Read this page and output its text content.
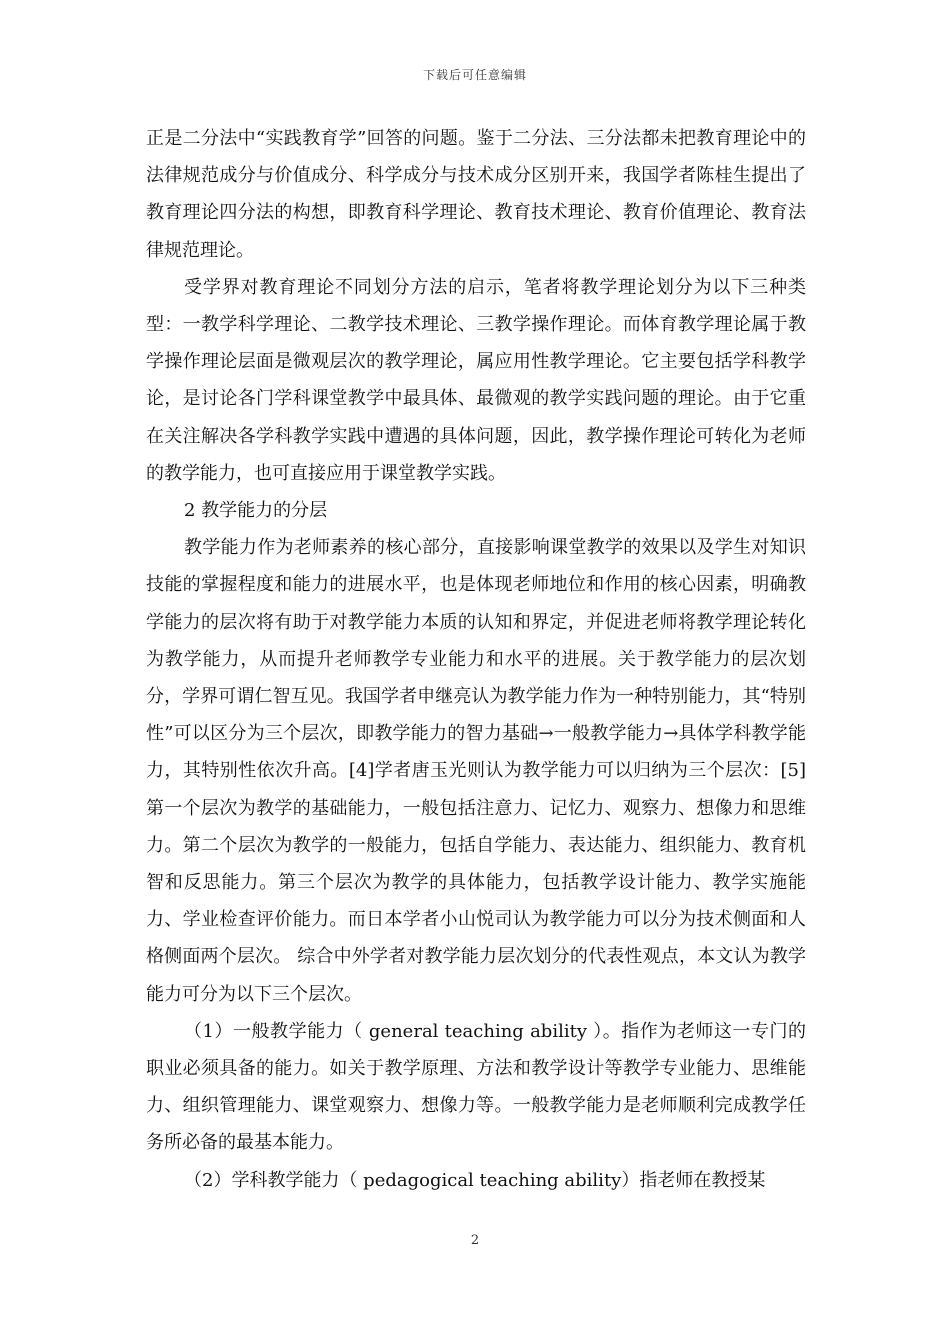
下载后可任意编辑

正是二分法中“实践教育学”回答的问题。鉴于二分法、三分法都未把教育理论中的法律规范成分与价值成分、科学成分与技术成分区别开来，我国学者陈桂生提出了教育理论四分法的构想，即教育科学理论、教育技术理论、教育价值理论、教育法律规范理论。

受学界对教育理论不同划分方法的启示，笔者将教学理论划分为以下三种类型：一教学科学理论、二教学技术理论、三教学操作理论。而体育教学理论属于教学操作理论层面是微观层次的教学理论，属应用性教学理论。它主要包括学科教学论，是讨论各门学科课堂教学中最具体、最微观的教学实践问题的理论。由于它重在关注解决各学科教学实践中遭遇的具体问题，因此，教学操作理论可转化为老师的教学能力，也可直接应用于课堂教学实践。

2 教学能力的分层

教学能力作为老师素养的核心部分，直接影响课堂教学的效果以及学生对知识技能的掌握程度和能力的进展水平，也是体现老师地位和作用的核心因素，明确教学能力的层次将有助于对教学能力本质的认知和界定，并促进老师将教学理论转化为教学能力，从而提升老师教学专业能力和水平的进展。关于教学能力的层次划分，学界可谓仁智互见。我国学者申继亮认为教学能力作为一种特别能力，其“特别性”可以区分为三个层次，即教学能力的智力基础→一般教学能力→具体学科教学能力，其特别性依次升高。[4]学者唐玉光则认为教学能力可以归纳为三个层次：[5]第一个层次为教学的基础能力，一般包括注意力、记忆力、观察力、想像力和思维力。第二个层次为教学的一般能力，包括自学能力、表达能力、组织能力、教育机智和反思能力。第三个层次为教学的具体能力，包括教学设计能力、教学实施能力、学业检查评价能力。而日本学者小山悦司认为教学能力可以分为技术侧面和人格侧面两个层次。 综合中外学者对教学能力层次划分的代表性观点，本文认为教学能力可分为以下三个层次。

（1）一般教学能力（ general teaching ability ）。指作为老师这一专门的职业必须具备的能力。如关于教学原理、方法和教学设计等教学专业能力、思维能力、组织管理能力、课堂观察力、想像力等。一般教学能力是老师顺利完成教学任务所必备的最基本能力。

（2）学科教学能力（ pedagogical teaching ability）指老师在教授某

2
